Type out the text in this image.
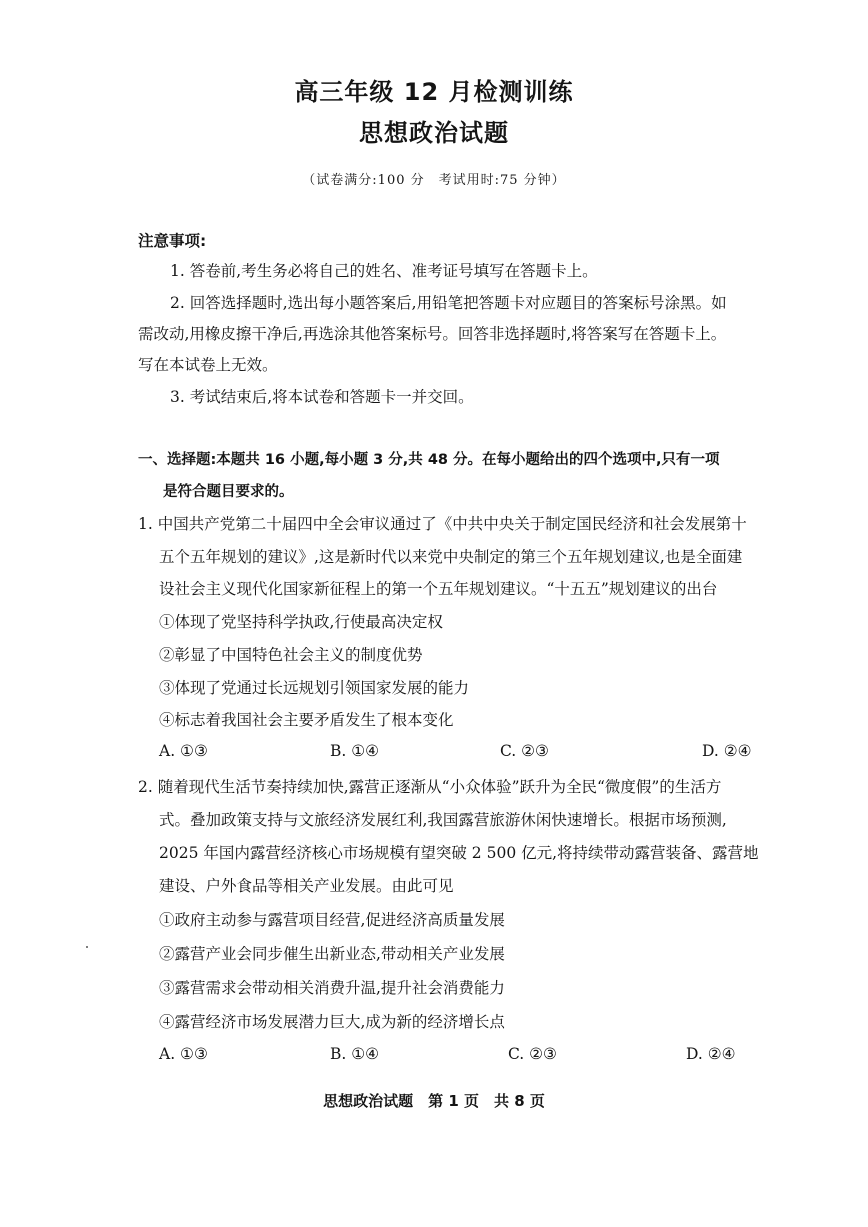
高三年级 12 月检测训练
思想政治试题
（试卷满分:100 分　考试用时:75 分钟）
注意事项:
1. 答卷前,考生务必将自己的姓名、准考证号填写在答题卡上。
2. 回答选择题时,选出每小题答案后,用铅笔把答题卡对应题目的答案标号涂黑。如
需改动,用橡皮擦干净后,再选涂其他答案标号。回答非选择题时,将答案写在答题卡上。
写在本试卷上无效。
3. 考试结束后,将本试卷和答题卡一并交回。
一、选择题:本题共 16 小题,每小题 3 分,共 48 分。在每小题给出的四个选项中,只有一项
是符合题目要求的。
1. 中国共产党第二十届四中全会审议通过了《中共中央关于制定国民经济和社会发展第十
五个五年规划的建议》,这是新时代以来党中央制定的第三个五年规划建议,也是全面建
设社会主义现代化国家新征程上的第一个五年规划建议。“十五五”规划建议的出台
①体现了党坚持科学执政,行使最高决定权
②彰显了中国特色社会主义的制度优势
③体现了党通过长远规划引领国家发展的能力
④标志着我国社会主要矛盾发生了根本变化
A. ①③	B. ①④	C. ②③	D. ②④
2. 随着现代生活节奏持续加快,露营正逐渐从“小众体验”跃升为全民“微度假”的生活方
式。叠加政策支持与文旅经济发展红利,我国露营旅游休闲快速增长。根据市场预测,
2025 年国内露营经济核心市场规模有望突破 2 500 亿元,将持续带动露营装备、露营地
建设、户外食品等相关产业发展。由此可见
①政府主动参与露营项目经营,促进经济高质量发展
②露营产业会同步催生出新业态,带动相关产业发展
③露营需求会带动相关消费升温,提升社会消费能力
④露营经济市场发展潜力巨大,成为新的经济增长点
A. ①③	B. ①④	C. ②③	D. ②④
思想政治试题　第 1 页　共 8 页
